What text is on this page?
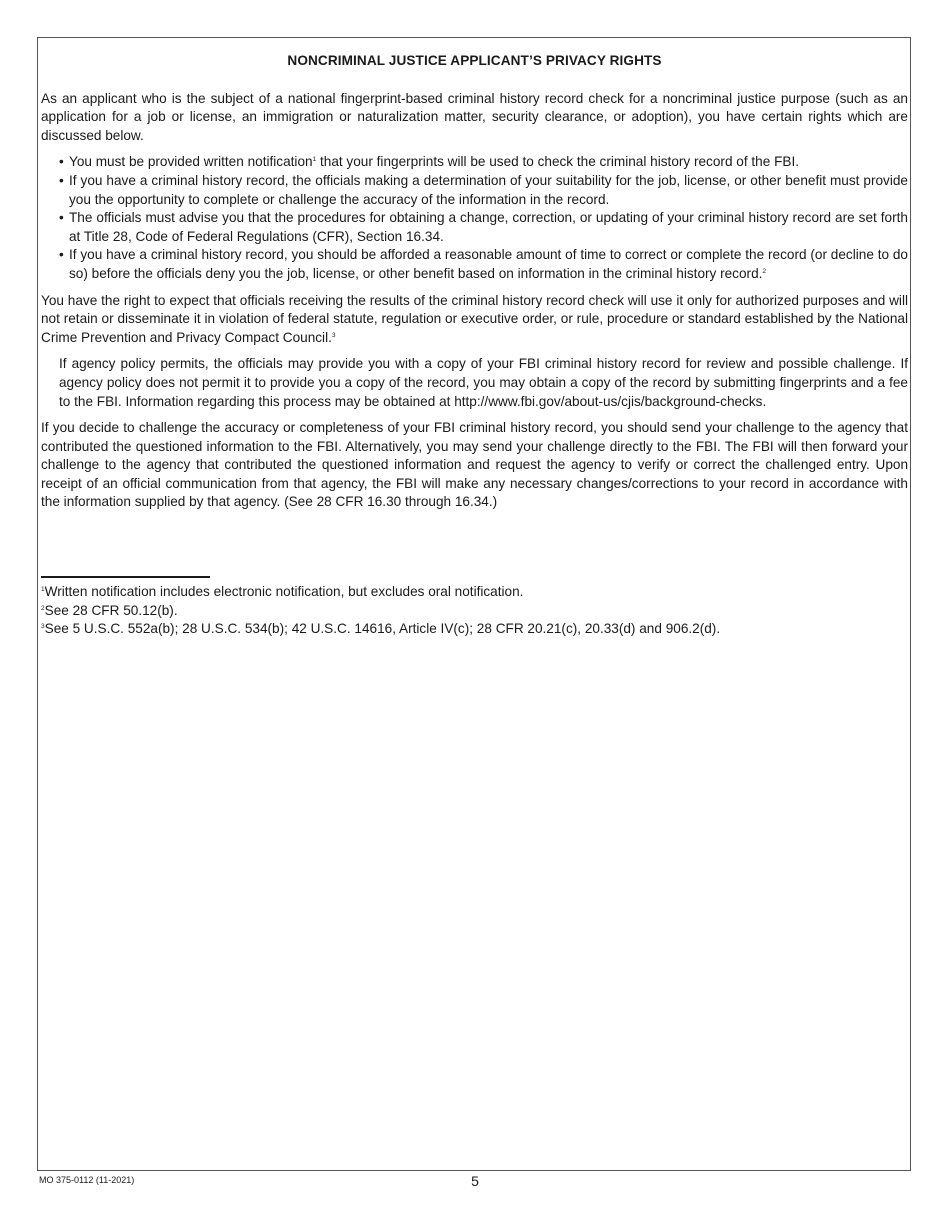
NONCRIMINAL JUSTICE APPLICANT’S PRIVACY RIGHTS

As an applicant who is the subject of a national fingerprint-based criminal history record check for a noncriminal justice purpose (such as an application for a job or license, an immigration or naturalization matter, security clearance, or adoption), you have certain rights which are discussed below.

• You must be provided written notification$^1$ that your fingerprints will be used to check the criminal history record of the FBI.
• If you have a criminal history record, the officials making a determination of your suitability for the job, license, or other benefit must provide you the opportunity to complete or challenge the accuracy of the information in the record.
• The officials must advise you that the procedures for obtaining a change, correction, or updating of your criminal history record are set forth at Title 28, Code of Federal Regulations (CFR), Section 16.34.
• If you have a criminal history record, you should be afforded a reasonable amount of time to correct or complete the record (or decline to do so) before the officials deny you the job, license, or other benefit based on information in the criminal history record.$^2$

You have the right to expect that officials receiving the results of the criminal history record check will use it only for authorized purposes and will not retain or disseminate it in violation of federal statute, regulation or executive order, or rule, procedure or standard established by the National Crime Prevention and Privacy Compact Council.$^3$

If agency policy permits, the officials may provide you with a copy of your FBI criminal history record for review and possible challenge. If agency policy does not permit it to provide you a copy of the record, you may obtain a copy of the record by submitting fingerprints and a fee to the FBI. Information regarding this process may be obtained at http://www.fbi.gov/about-us/cjis/background-checks.

If you decide to challenge the accuracy or completeness of your FBI criminal history record, you should send your challenge to the agency that contributed the questioned information to the FBI. Alternatively, you may send your challenge directly to the FBI. The FBI will then forward your challenge to the agency that contributed the questioned information and request the agency to verify or correct the challenged entry. Upon receipt of an official communication from that agency, the FBI will make any necessary changes/corrections to your record in accordance with the information supplied by that agency. (See 28 CFR 16.30 through 16.34.)

$^1$Written notification includes electronic notification, but excludes oral notification.
$^2$See 28 CFR 50.12(b).
$^3$See 5 U.S.C. 552a(b); 28 U.S.C. 534(b); 42 U.S.C. 14616, Article IV(c); 28 CFR 20.21(c), 20.33(d) and 906.2(d).
MO 375-0112 (11-2021)	5
